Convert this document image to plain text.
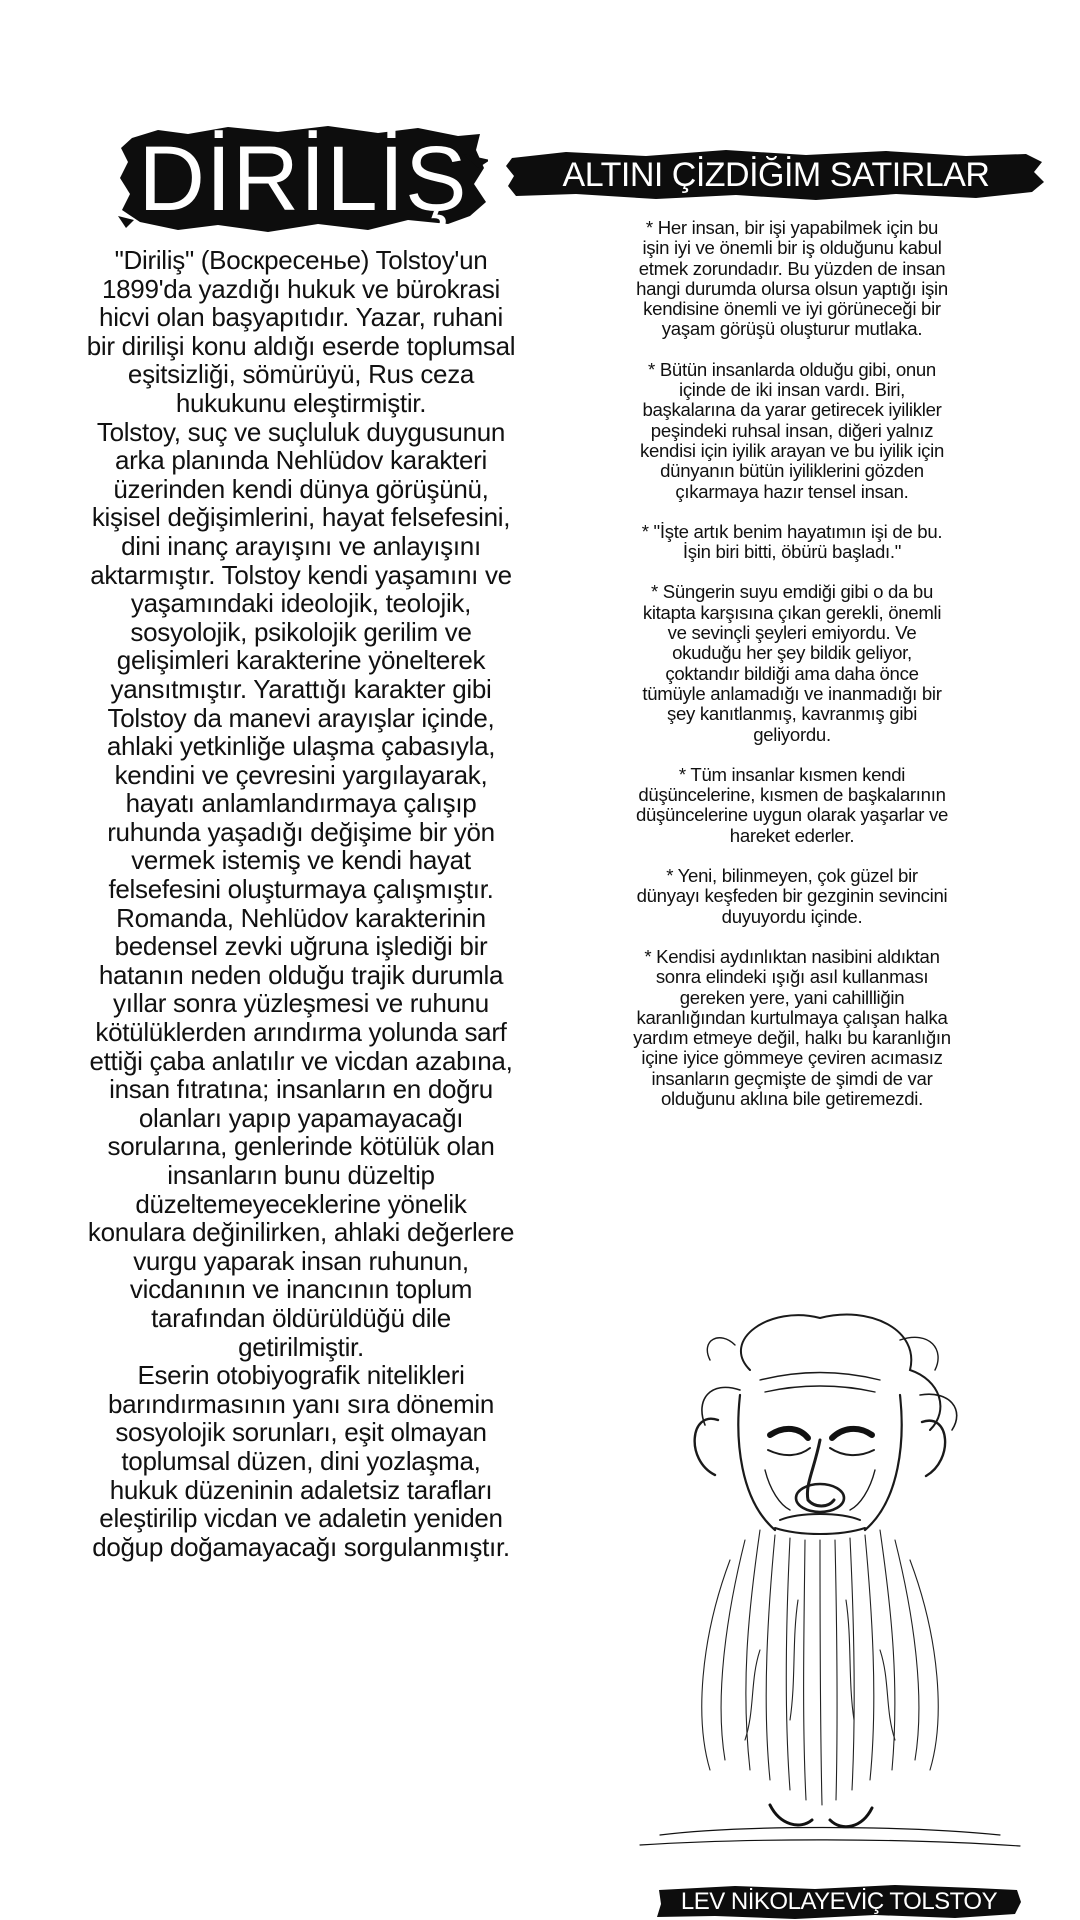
DİRİLİŞ	ALTINI ÇİZDİĞİM SATIRLAR

"Diriliş" (Воскресенье) Tolstoy'un 1899'da yazdığı hukuk ve bürokrasi hicvi olan başyapıtıdır. Yazar, ruhani bir dirilişi konu aldığı eserde toplumsal eşitsizliği, sömürüyü, Rus ceza hukukunu eleştirmiştir.

Tolstoy, suç ve suçluluk duygusunun arka planında Nehlüdov karakteri üzerinden kendi dünya görüşünü, kişisel değişimlerini, hayat felsefesini, dini inanç arayışını ve anlayışını aktarmıştır. Tolstoy kendi yaşamını ve yaşamındaki ideolojik, teolojik, sosyolojik, psikolojik gerilim ve gelişimleri karakterine yönelterek yansıtmıştır. Yarattığı karakter gibi Tolstoy da manevi arayışlar içinde, ahlaki yetkinliğe ulaşma çabasıyla, kendini ve çevresini yargılayarak, hayatı anlamlandırmaya çalışıp ruhunda yaşadığı değişime bir yön vermek istemiş ve kendi hayat felsefesini oluşturmaya çalışmıştır.

Romanda, Nehlüdov karakterinin bedensel zevki uğruna işlediği bir hatanın neden olduğu trajik durumla yıllar sonra yüzleşmesi ve ruhunu kötülüklerden arındırma yolunda sarf ettiği çaba anlatılır ve vicdan azabına, insan fıtratına; insanların en doğru olanları yapıp yapamayacağı sorularına, genlerinde kötülük olan insanların bunu düzeltip düzeltemeyeceklerine yönelik konulara değinilirken, ahlaki değerlere vurgu yaparak insan ruhunun, vicdanının ve inancının toplum tarafından öldürüldüğü dile getirilmiştir.

Eserin otobiyografik nitelikleri barındırmasının yanı sıra dönemin sosyolojik sorunları, eşit olmayan toplumsal düzen, dini yozlaşma, hukuk düzeninin adaletsiz tarafları eleştirilip vicdan ve adaletin yeniden doğup doğamayacağı sorgulanmıştır.

* Her insan, bir işi yapabilmek için bu işin iyi ve önemli bir iş olduğunu kabul etmek zorundadır. Bu yüzden de insan hangi durumda olursa olsun yaptığı işin kendisine önemli ve iyi görüneceği bir yaşam görüşü oluşturur mutlaka.

* Bütün insanlarda olduğu gibi, onun içinde de iki insan vardı. Biri, başkalarına da yarar getirecek iyilikler peşindeki ruhsal insan, diğeri yalnız kendisi için iyilik arayan ve bu iyilik için dünyanın bütün iyiliklerini gözden çıkarmaya hazır tensel insan.

* "İşte artık benim hayatımın işi de bu. İşin biri bitti, öbürü başladı."

* Süngerin suyu emdiği gibi o da bu kitapta karşısına çıkan gerekli, önemli ve sevinçli şeyleri emiyordu. Ve okuduğu her şey bildik geliyor, çoktandır bildiği ama daha önce tümüyle anlamadığı ve inanmadığı bir şey kanıtlanmış, kavranmış gibi geliyordu.

* Tüm insanlar kısmen kendi düşüncelerine, kısmen de başkalarının düşüncelerine uygun olarak yaşarlar ve hareket ederler.

* Yeni, bilinmeyen, çok güzel bir dünyayı keşfeden bir gezginin sevincini duyuyordu içinde.

* Kendisi aydınlıktan nasibini aldıktan sonra elindeki ışığı asıl kullanması gereken yere, yani cahillliğin karanlığından kurtulmaya çalışan halka yardım etmeye değil, halkı bu karanlığın içine iyice gömmeye çeviren acımasız insanların geçmişte de şimdi de var olduğunu aklına bile getiremezdi.

LEV NİKOLAYEVİÇ TOLSTOY
